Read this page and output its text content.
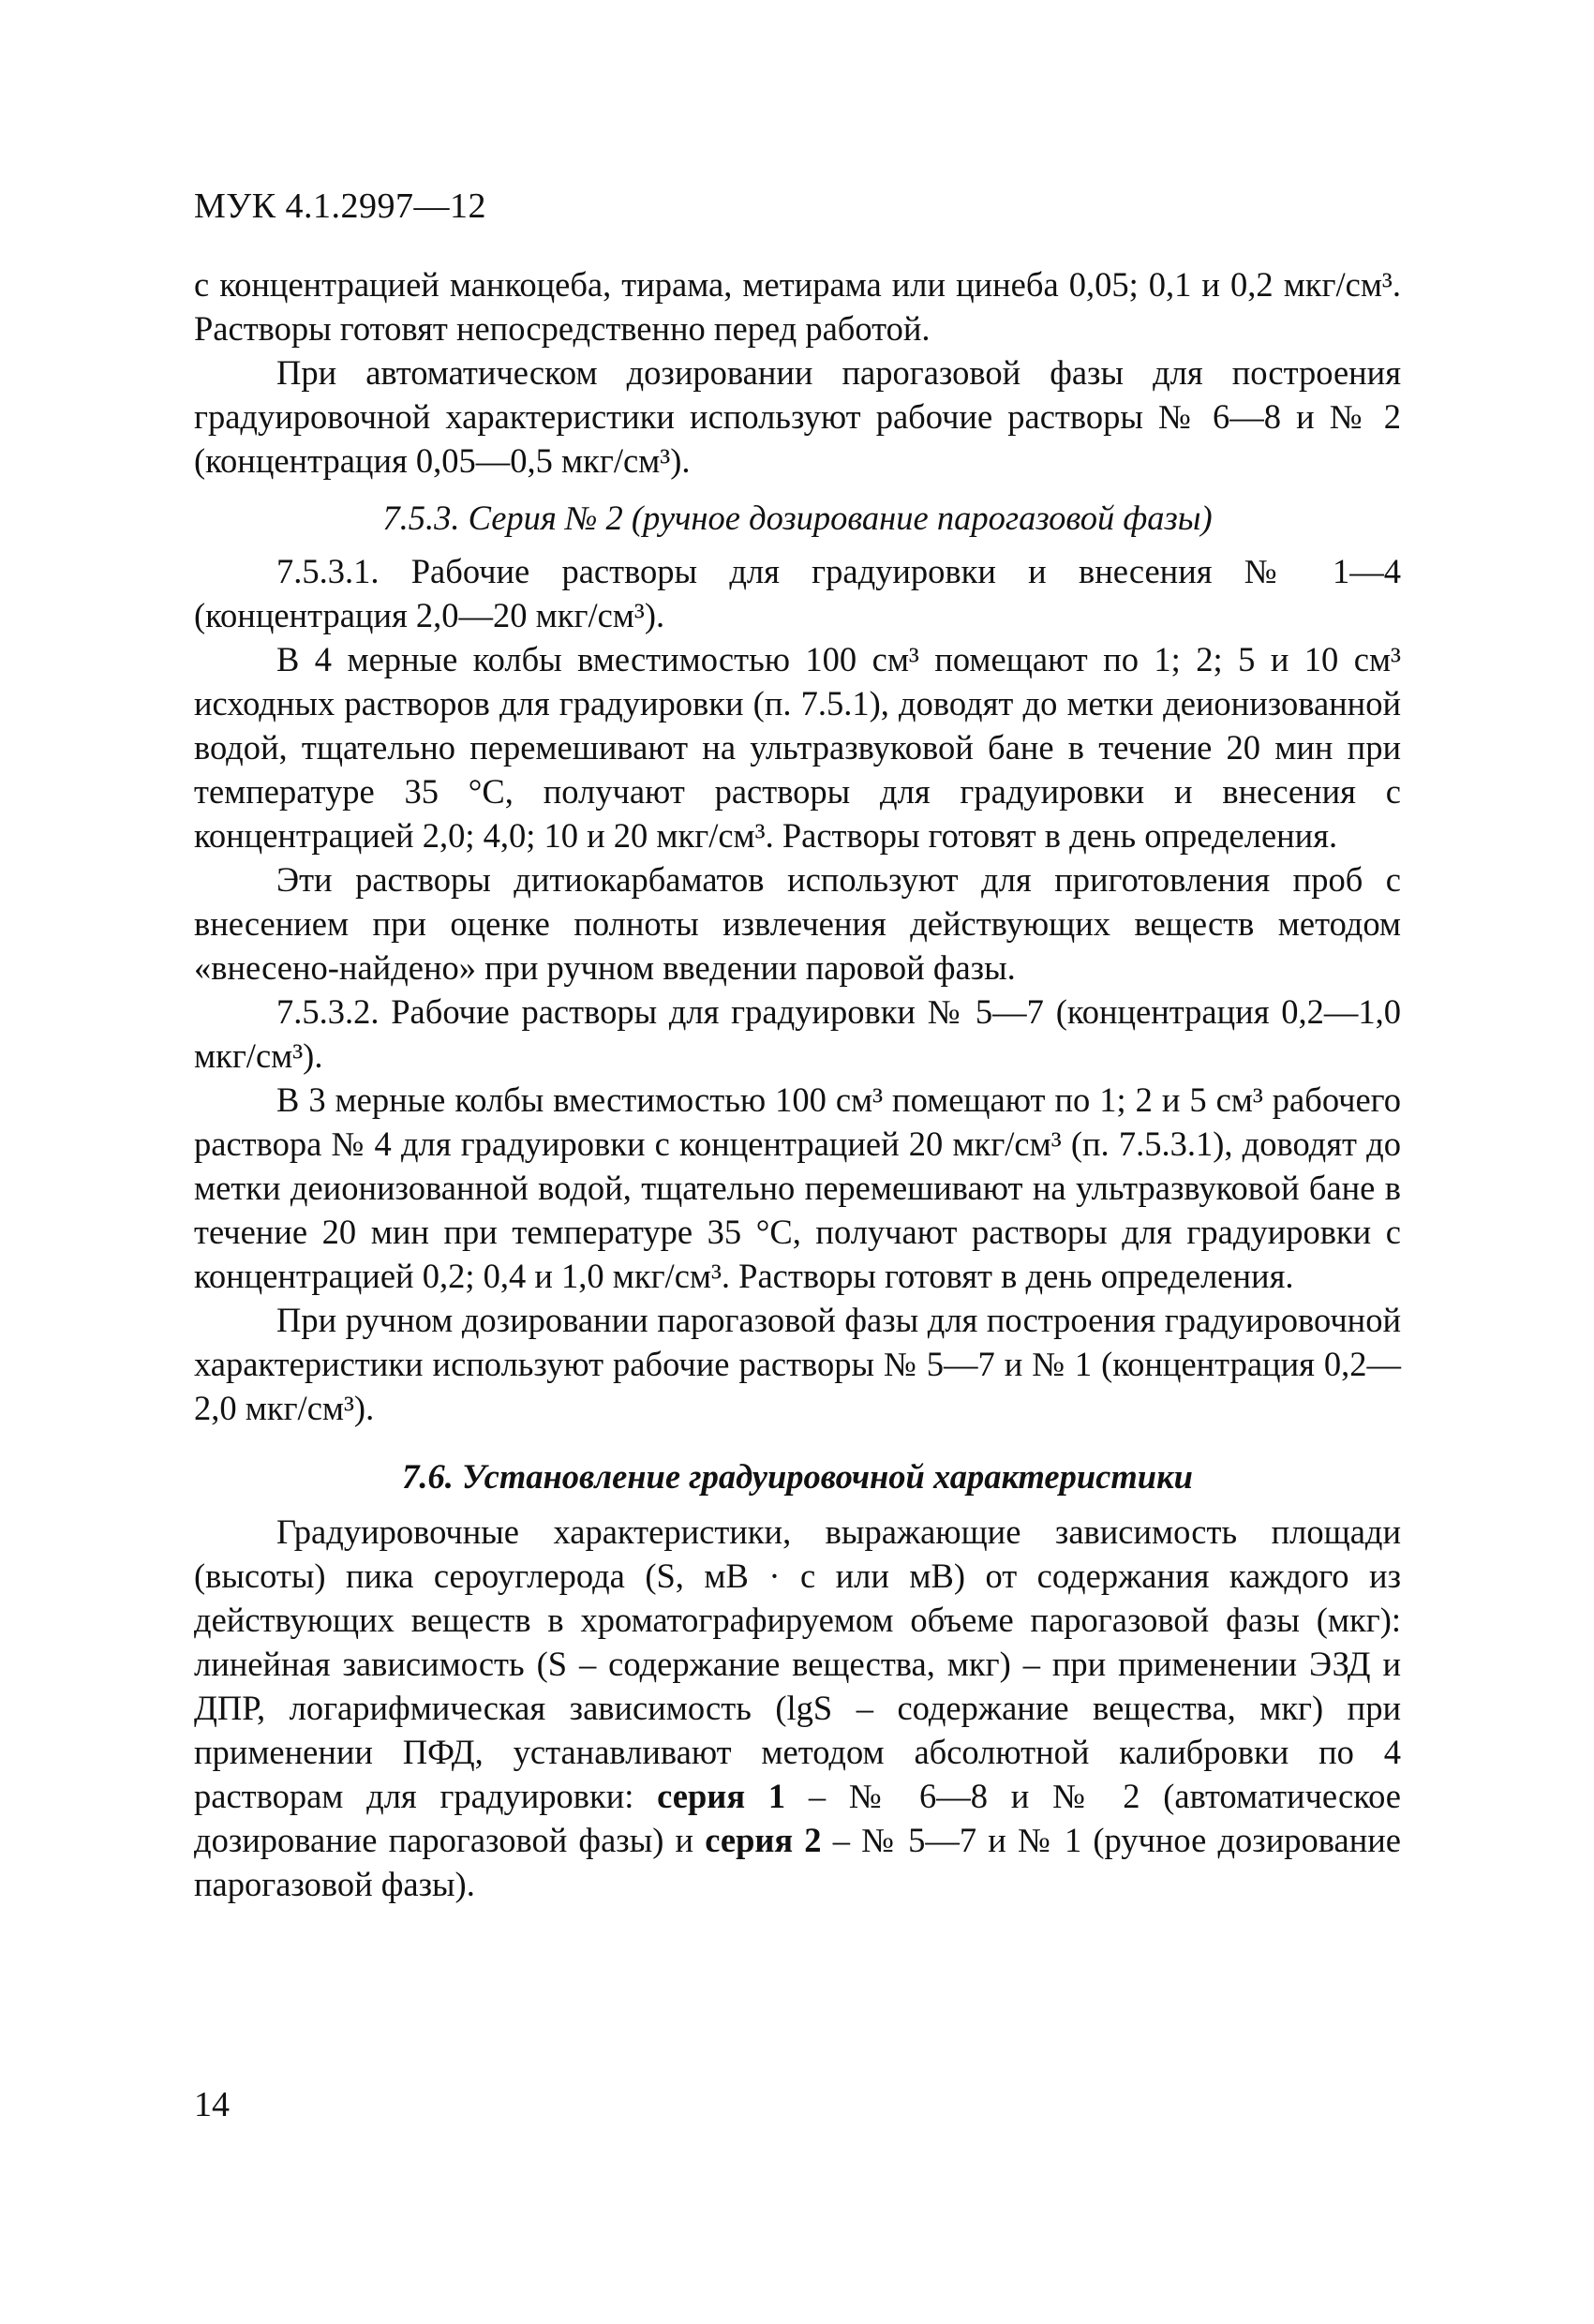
МУК 4.1.2997—12

с концентрацией манкоцеба, тирама, метирама или цинеба 0,05; 0,1 и 0,2 мкг/см³. Растворы готовят непосредственно перед работой.

При автоматическом дозировании парогазовой фазы для построения градуировочной характеристики используют рабочие растворы № 6—8 и № 2 (концентрация 0,05—0,5 мкг/см³).

7.5.3. Серия № 2 (ручное дозирование парогазовой фазы)

7.5.3.1. Рабочие растворы для градуировки и внесения № 1—4 (концентрация 2,0—20 мкг/см³).

В 4 мерные колбы вместимостью 100 см³ помещают по 1; 2; 5 и 10 см³ исходных растворов для градуировки (п. 7.5.1), доводят до метки деионизованной водой, тщательно перемешивают на ультразвуковой бане в течение 20 мин при температуре 35 °С, получают растворы для градуировки и внесения с концентрацией 2,0; 4,0; 10 и 20 мкг/см³. Растворы готовят в день определения.

Эти растворы дитиокарбаматов используют для приготовления проб с внесением при оценке полноты извлечения действующих веществ методом «внесено-найдено» при ручном введении паровой фазы.

7.5.3.2. Рабочие растворы для градуировки № 5—7 (концентрация 0,2—1,0 мкг/см³).

В 3 мерные колбы вместимостью 100 см³ помещают по 1; 2 и 5 см³ рабочего раствора № 4 для градуировки с концентрацией 20 мкг/см³ (п. 7.5.3.1), доводят до метки деионизованной водой, тщательно перемешивают на ультразвуковой бане в течение 20 мин при температуре 35 °С, получают растворы для градуировки с концентрацией 0,2; 0,4 и 1,0 мкг/см³. Растворы готовят в день определения.

При ручном дозировании парогазовой фазы для построения градуировочной характеристики используют рабочие растворы № 5—7 и № 1 (концентрация 0,2—2,0 мкг/см³).

7.6. Установление градуировочной характеристики

Градуировочные характеристики, выражающие зависимость площади (высоты) пика сероуглерода (S, мВ · с или мВ) от содержания каждого из действующих веществ в хроматографируемом объеме парогазовой фазы (мкг): линейная зависимость (S – содержание вещества, мкг) – при применении ЭЗД и ДПР, логарифмическая зависимость (lgS – содержание вещества, мкг) при применении ПФД, устанавливают методом абсолютной калибровки по 4 растворам для градуировки: серия 1 – № 6—8 и № 2 (автоматическое дозирование парогазовой фазы) и серия 2 – № 5—7 и № 1 (ручное дозирование парогазовой фазы).

14
